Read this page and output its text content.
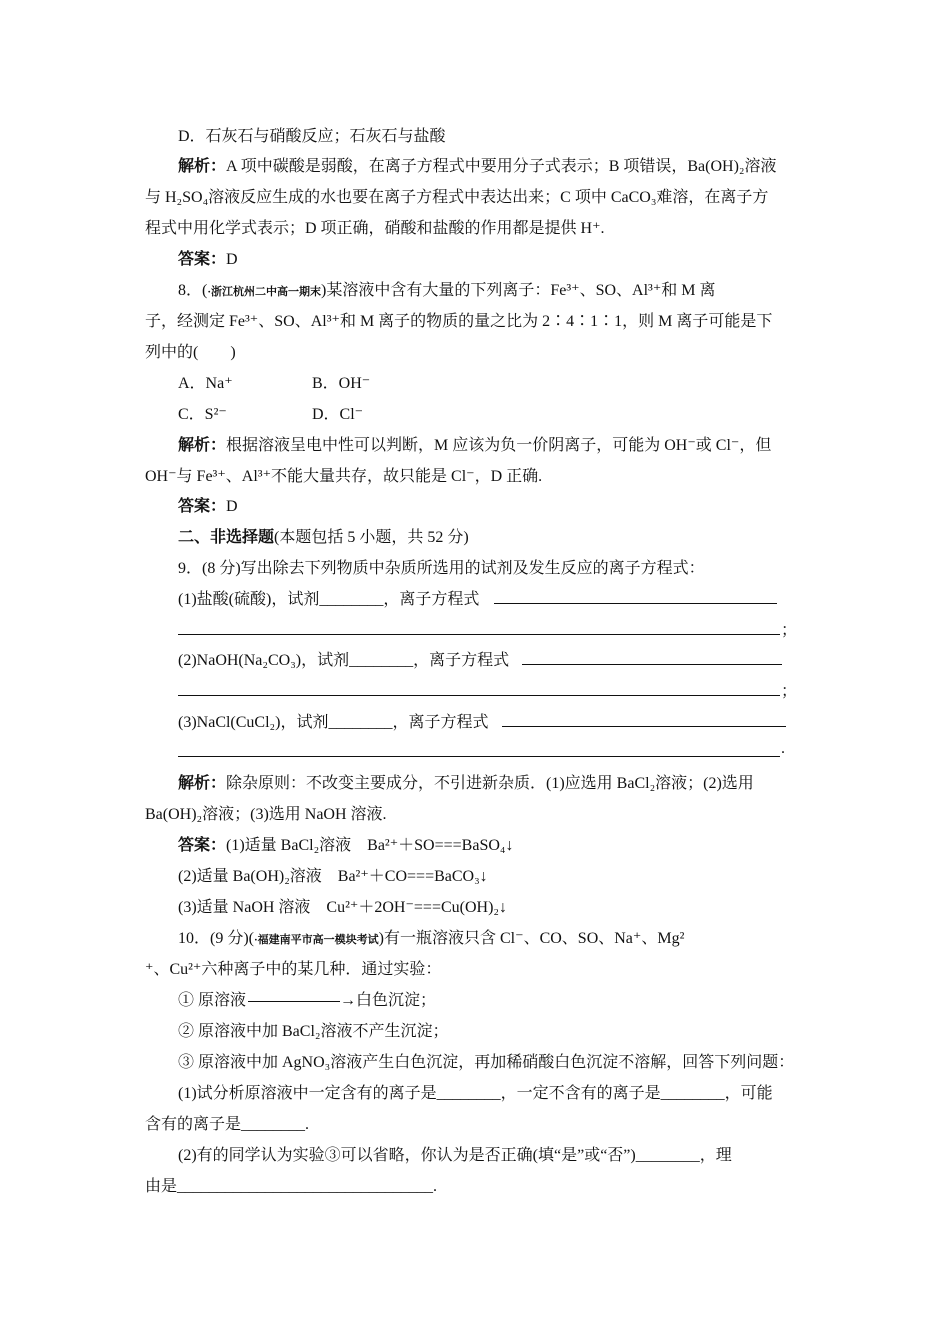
D．石灰石与硝酸反应；石灰石与盐酸
解析：A 项中碳酸是弱酸，在离子方程式中要用分子式表示；B 项错误，Ba(OH)₂溶液
与 H₂SO₄溶液反应生成的水也要在离子方程式中表达出来；C 项中 CaCO₃难溶，在离子方
程式中用化学式表示；D 项正确，硝酸和盐酸的作用都是提供 H⁺.
答案：D
8．(·浙江杭州二中高一期末)某溶液中含有大量的下列离子：Fe³⁺、SO、Al³⁺和 M 离
子，经测定 Fe³⁺、SO、Al³⁺和 M 离子的物质的量之比为 2∶4∶1∶1，则 M 离子可能是下
列中的(　　)
A．Na⁺	B．OH⁻
C．S²⁻	D．Cl⁻
解析：根据溶液呈电中性可以判断，M 应该为负一价阴离子，可能为 OH⁻或 Cl⁻，但
OH⁻与 Fe³⁺、Al³⁺不能大量共存，故只能是 Cl⁻，D 正确.
答案：D
二、非选择题(本题包括 5 小题，共 52 分)
9．(8 分)写出除去下列物质中杂质所选用的试剂及发生反应的离子方程式：
(1)盐酸(硫酸)，试剂________，离子方程式
；
(2)NaOH(Na₂CO₃)，试剂________，离子方程式
；
(3)NaCl(CuCl₂)，试剂________，离子方程式
.
解析：除杂原则：不改变主要成分，不引进新杂质．(1)应选用 BaCl₂溶液；(2)选用
Ba(OH)₂溶液；(3)选用 NaOH 溶液.
答案：(1)适量 BaCl₂溶液　Ba²⁺＋SO===BaSO₄↓
(2)适量 Ba(OH)₂溶液　Ba²⁺＋CO===BaCO₃↓
(3)适量 NaOH 溶液　Cu²⁺＋2OH⁻===Cu(OH)₂↓
10．(9 分)(·福建南平市高一模块考试)有一瓶溶液只含 Cl⁻、CO、SO、Na⁺、Mg²
⁺、Cu²⁺六种离子中的某几种．通过实验：
① 原溶液	→白色沉淀；
② 原溶液中加 BaCl₂溶液不产生沉淀；
③ 原溶液中加 AgNO₃溶液产生白色沉淀，再加稀硝酸白色沉淀不溶解，回答下列问题：
(1)试分析原溶液中一定含有的离子是________，一定不含有的离子是________，可能
含有的离子是________.
(2)有的同学认为实验③可以省略，你认为是否正确(填“是”或“否”)________，理
由是________________________________.
